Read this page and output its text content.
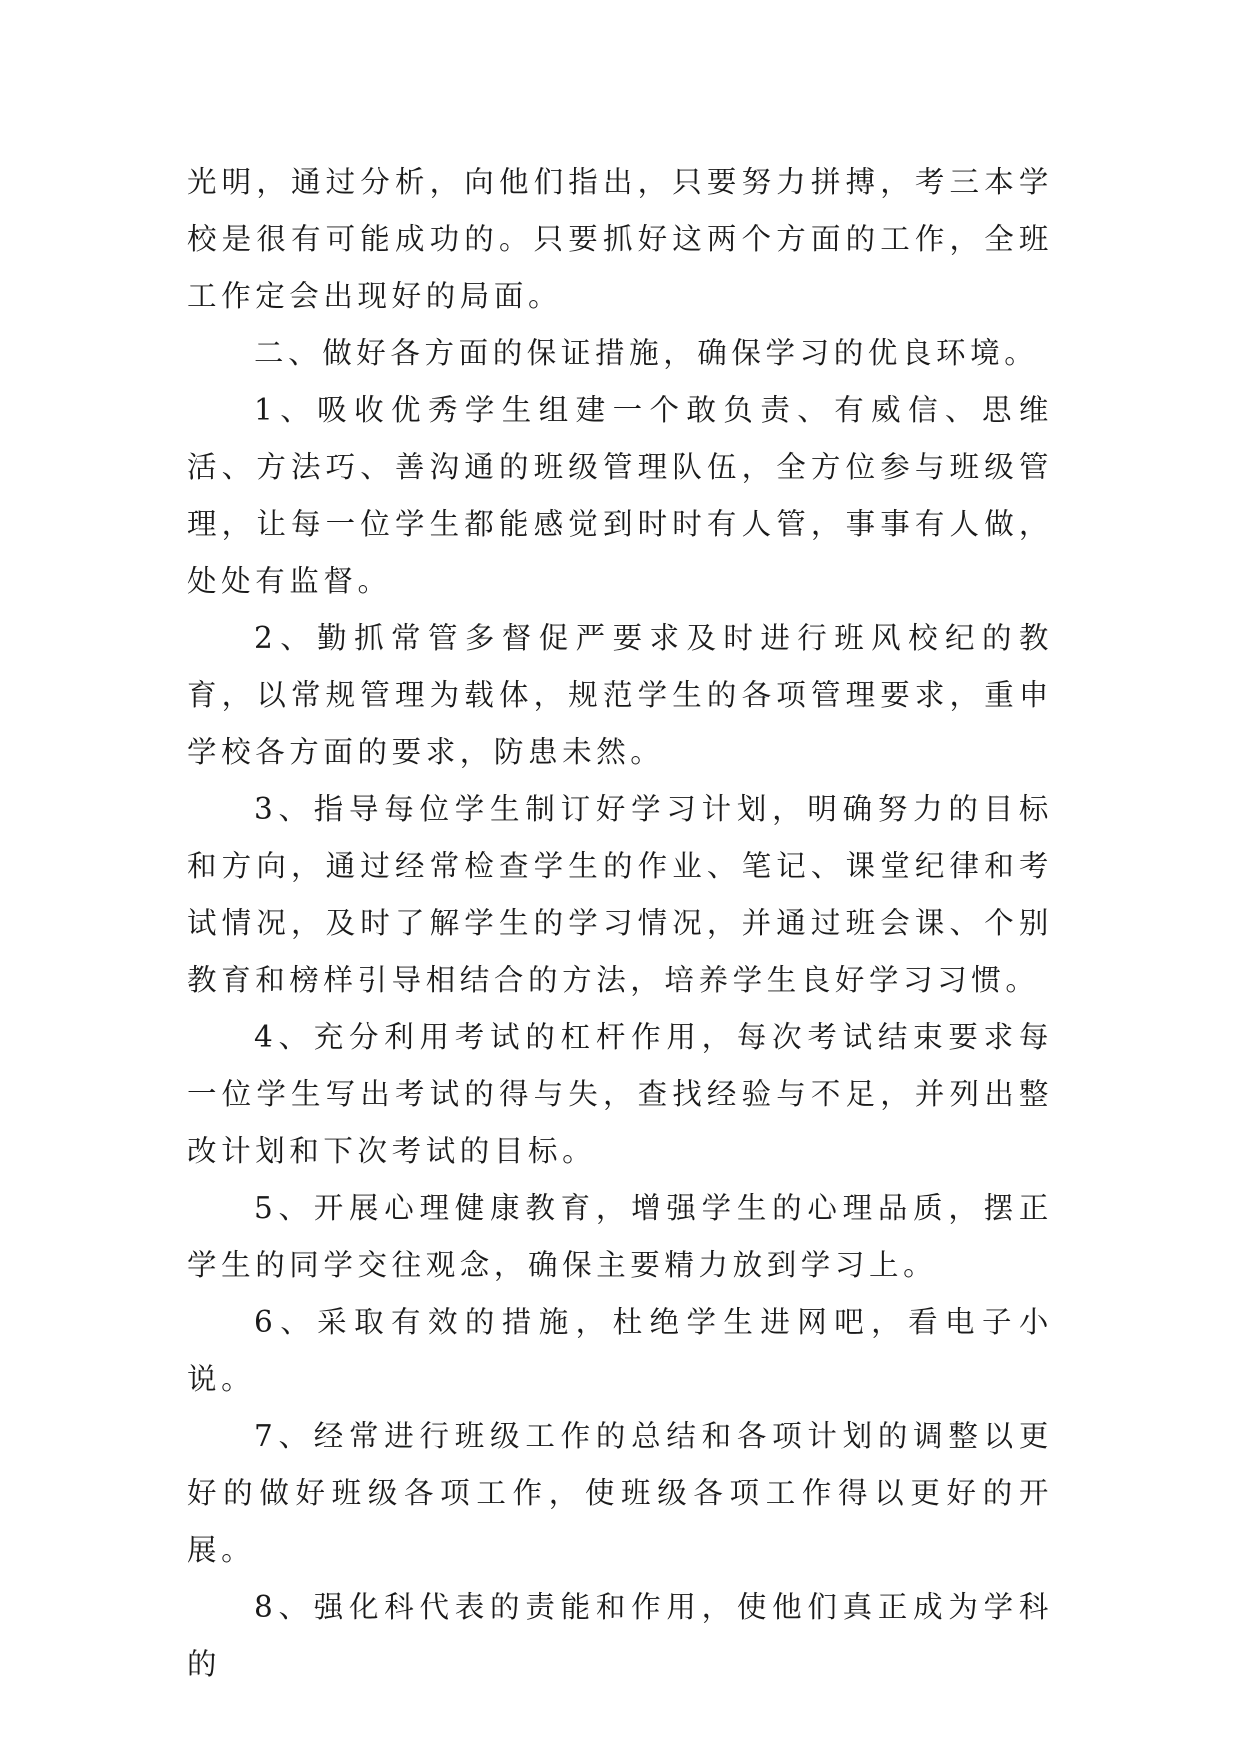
光明，通过分析，向他们指出，只要努力拼搏，考三本学校是很有可能成功的。只要抓好这两个方面的工作，全班工作定会出现好的局面。

二、做好各方面的保证措施，确保学习的优良环境。

1、吸收优秀学生组建一个敢负责、有威信、思维活、方法巧、善沟通的班级管理队伍，全方位参与班级管理，让每一位学生都能感觉到时时有人管，事事有人做，处处有监督。

2、勤抓常管多督促严要求及时进行班风校纪的教育，以常规管理为载体，规范学生的各项管理要求，重申学校各方面的要求，防患未然。

3、指导每位学生制订好学习计划，明确努力的目标和方向，通过经常检查学生的作业、笔记、课堂纪律和考试情况，及时了解学生的学习情况，并通过班会课、个别教育和榜样引导相结合的方法，培养学生良好学习习惯。

4、充分利用考试的杠杆作用，每次考试结束要求每一位学生写出考试的得与失，查找经验与不足，并列出整改计划和下次考试的目标。

5、开展心理健康教育，增强学生的心理品质，摆正学生的同学交往观念，确保主要精力放到学习上。

6、采取有效的措施，杜绝学生进网吧，看电子小说。

7、经常进行班级工作的总结和各项计划的调整以更好的做好班级各项工作，使班级各项工作得以更好的开展。

8、强化科代表的责能和作用，使他们真正成为学科的
